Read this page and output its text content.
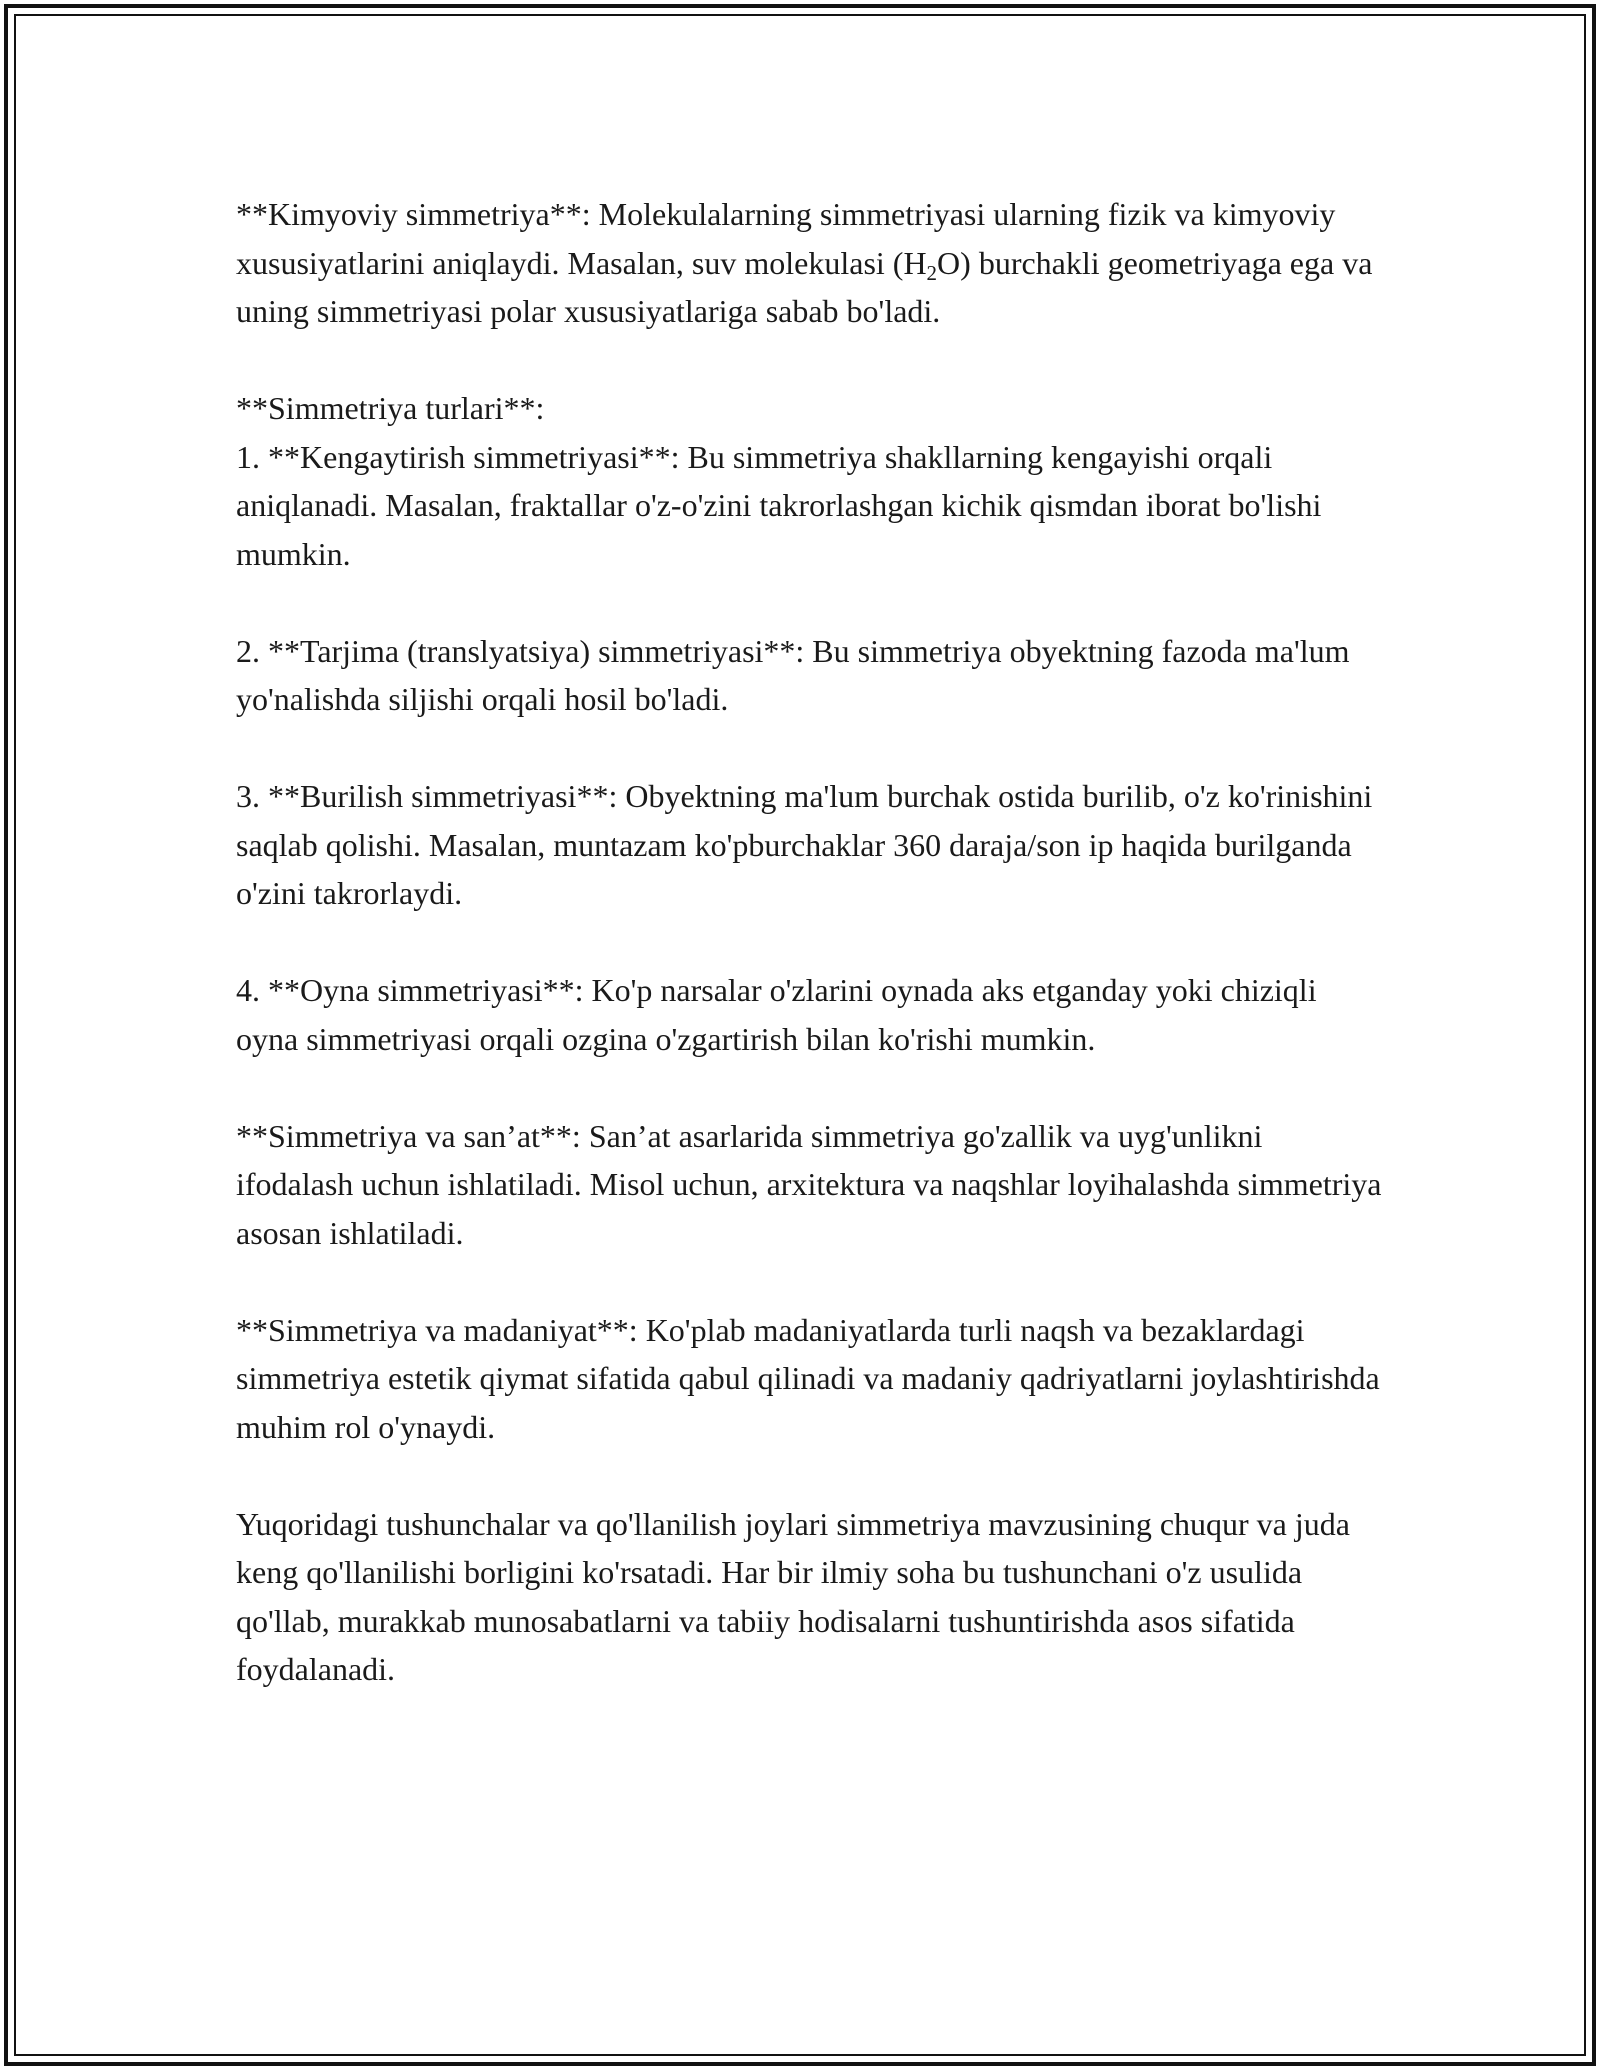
**Kimyoviy simmetriya**: Molekulalarning simmetriyasi ularning fizik va kimyoviy xususiyatlarini aniqlaydi. Masalan, suv molekulasi $(H_2O)$ burchakli geometriyaga ega va uning simmetriyasi polar xususiyatlariga sabab bo'ladi.

**Simmetriya turlari**:

1. **Kengaytirish simmetriyasi**: Bu simmetriya shakllarning kengayishi orqali aniqlanadi. Masalan, fraktallar o'z-o'zini takrorlashgan kichik qismdan iborat bo'lishi mumkin.

2. **Tarjima (translyatsiya) simmetriyasi**: Bu simmetriya obyektning fazoda ma'lum yo'nalishda siljishi orqali hosil bo'ladi.

3. **Burilish simmetriyasi**: Obyektning ma'lum burchak ostida burilib, o'z ko'rinishini saqlab qolishi. Masalan, muntazam ko'pburchaklar 360 daraja/son ip haqida burilganda o'zini takrorlaydi.

4. **Oyna simmetriyasi**: Ko'p narsalar o'zlarini oynada aks etganday yoki chiziqli oyna simmetriyasi orqali ozgina o'zgartirish bilan ko'rishi mumkin.

**Simmetriya va san’at**: San’at asarlarida simmetriya go'zallik va uyg'unlikni ifodalash uchun ishlatiladi. Misol uchun, arxitektura va naqshlar loyihalashda simmetriya asosan ishlatiladi.

**Simmetriya va madaniyat**: Ko'plab madaniyatlarda turli naqsh va bezaklardagi simmetriya estetik qiymat sifatida qabul qilinadi va madaniy qadriyatlarni joylashtirishda muhim rol o'ynaydi.

Yuqoridagi tushunchalar va qo'llanilish joylari simmetriya mavzusining chuqur va juda keng qo'llanilishi borligini ko'rsatadi. Har bir ilmiy soha bu tushunchani o'z usulida qo'llab, murakkab munosabatlarni va tabiiy hodisalarni tushuntirishda asos sifatida foydalanadi.
